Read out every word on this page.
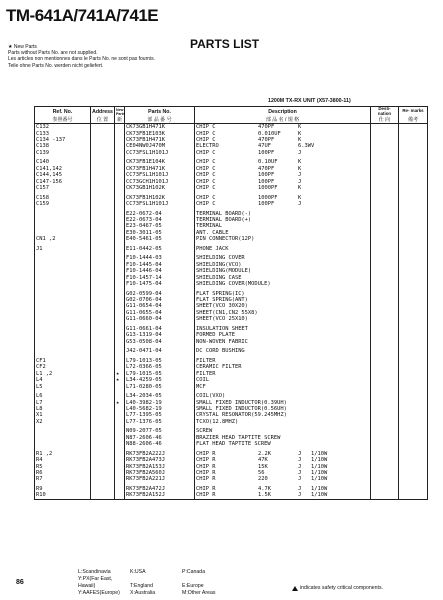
TM-641A/741A/741E
PARTS LIST
★ New Parts
Parts without Parts No. are not supplied.
Les articles non mentionnes dans le Parts No. ne sont pas fournis.
Teile ohne Parts No. werden nicht geliefert.
1200M TX-RX UNIT (X57-3800-11)
Ref. No.	Address	New Parts	Parts No.	Description	Desti- nation	Re- marks
参照番号	位 置	新	部 品 番 号	部 品 名 / 規 格	仕 向	備考
C132			CK73GB1H471K	CHIP C 470PF K		
C133			CK73FB1E103K	CHIP C 0.010UF K		
C134 -137			CK73FB1H471K	CHIP C 470PF K		
C138			CE04NW0J470M	ELECTRO 47UF 6.3WV		
C139			CC73FSL1H101J	CHIP C 100PF J		

C140			CK73FB1E104K	CHIP C 0.10UF K		
C141,142			CK73FB1H471K	CHIP C 470PF K		
C144,145			CC73FSL1H101J	CHIP C 100PF J		
C147-156			CC73GCH1H101J	CHIP C 100PF J		
C157			CK73GB1H102K	CHIP C 1000PF K		

C158			CK73FB1H102K	CHIP C 1000PF K		
C159			CC73FSL1H101J	CHIP C 100PF J		

			E22-0672-04	TERMINAL BOARD(-)		
			E22-0673-04	TERMINAL BOARD(+)		
			E23-0467-05	TERMINAL		
			E30-3011-05	ANT. CABLE		
CN1 ,2			E40-5461-05	PIN CONNECTOR(12P)		

J1			E11-0442-05	PHONE JACK		

			F10-1444-03	SHIELDING COVER		
			F10-1445-04	SHIELDING(VCO)		
			F10-1446-04	SHIELDING(MODULE)		
			F10-1457-14	SHIELDING CASE		
			F10-1475-04	SHIELDING COVER(MODULE)		

			G02-0599-04	FLAT SPRING(IC)		
			G02-0706-04	FLAT SPRING(ANT)		
			G11-0654-04	SHEET(VCO 30X20)		
			G11-0655-04	SHEET(CN1,CN2 55X8)		
			G11-0660-04	SHEET(VCO 25X10)		

			G11-0661-04	INSULATION SHEET		
			G13-1319-04	FORMED PLATE		
			G53-0508-04	NON-WOVEN FABRIC		

			J42-0471-04	DC CORD BUSHING		

CF1			L79-1013-05	FILTER		
CF2			L72-0366-05	CERAMIC FILTER		
L1 ,2		★	L79-1015-05	FILTER		
L4		★	L34-4259-05	COIL		
L5			L71-0280-05	MCF		

L6			L34-2034-05	COIL(VXO)		
L7		★	L40-3982-19	SMALL FIXED INDUCTOR(0.39UH)		
L8			L40-5682-19	SMALL FIXED INDUCTOR(0.56UH)		
X1			L77-1395-05	CRYSTAL RESONATOR(59.245MHZ)		
X2			L77-1376-05	TCXO(12.8MHZ)		

			N09-2077-05	SCREW		
			N87-2606-46	BRAZIER HEAD TAPTITE SCREW		
			N88-2606-46	FLAT HEAD TAPTITE SCREW		

R1 ,2			RK73FB2A222J	CHIP R 2.2K J   1/10W		
R4			RK73FB2A473J	CHIP R 47K J   1/10W		
R5			RK73FB2A153J	CHIP R 15K J   1/10W		
R6			RK73FB2A560J	CHIP R 56 J   1/10W		
R7			RK73FB2A221J	CHIP R 220 J   1/10W		

R9			RK73FB2A472J	CHIP R 4.7K J   1/10W		
R10			RK73FB2A152J	CHIP R 1.5K J   1/10W		
86
L:Scandinavia	K:USA	P:Canada
Y:PX(Far East, Hawaii)	T:England	E:Europe
Y:AAFES(Europe) X:Australia	M:Other Areas
indicates safety critical components.
